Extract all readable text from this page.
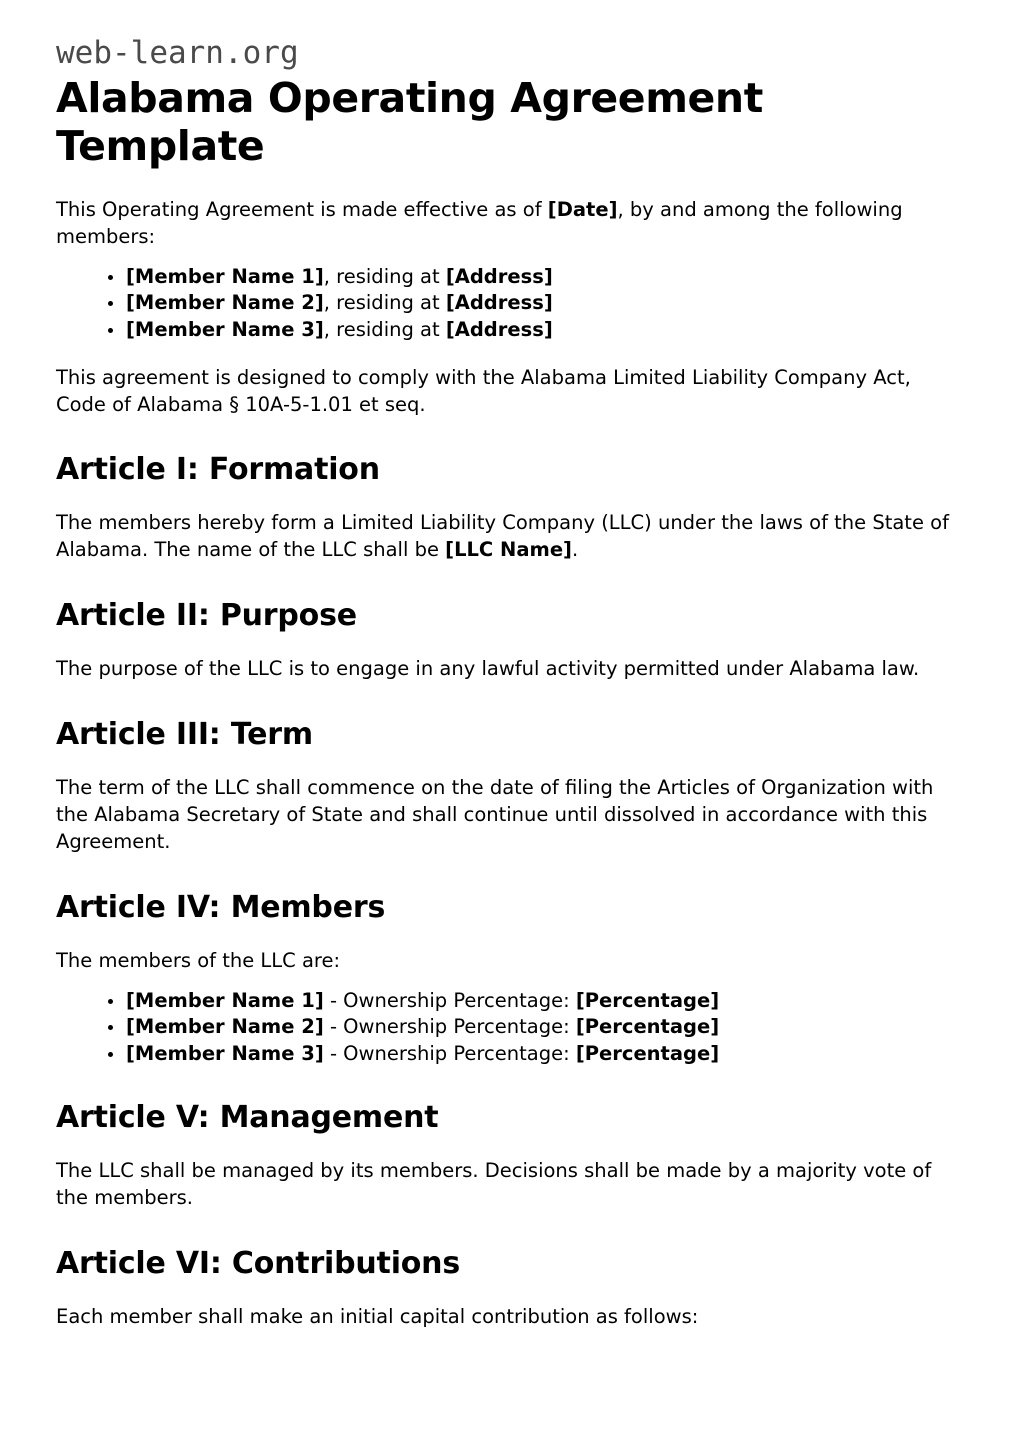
web-learn.org
Alabama Operating Agreement Template

This Operating Agreement is made effective as of [Date], by and among the following members:

[Member Name 1], residing at [Address]
[Member Name 2], residing at [Address]
[Member Name 3], residing at [Address]

This agreement is designed to comply with the Alabama Limited Liability Company Act, Code of Alabama § 10A-5-1.01 et seq.

Article I: Formation

The members hereby form a Limited Liability Company (LLC) under the laws of the State of Alabama. The name of the LLC shall be [LLC Name].

Article II: Purpose

The purpose of the LLC is to engage in any lawful activity permitted under Alabama law.

Article III: Term

The term of the LLC shall commence on the date of filing the Articles of Organization with the Alabama Secretary of State and shall continue until dissolved in accordance with this Agreement.

Article IV: Members

The members of the LLC are:

[Member Name 1] - Ownership Percentage: [Percentage]
[Member Name 2] - Ownership Percentage: [Percentage]
[Member Name 3] - Ownership Percentage: [Percentage]
Article V: Management

The LLC shall be managed by its members. Decisions shall be made by a majority vote of the members.

Article VI: Contributions

Each member shall make an initial capital contribution as follows:
